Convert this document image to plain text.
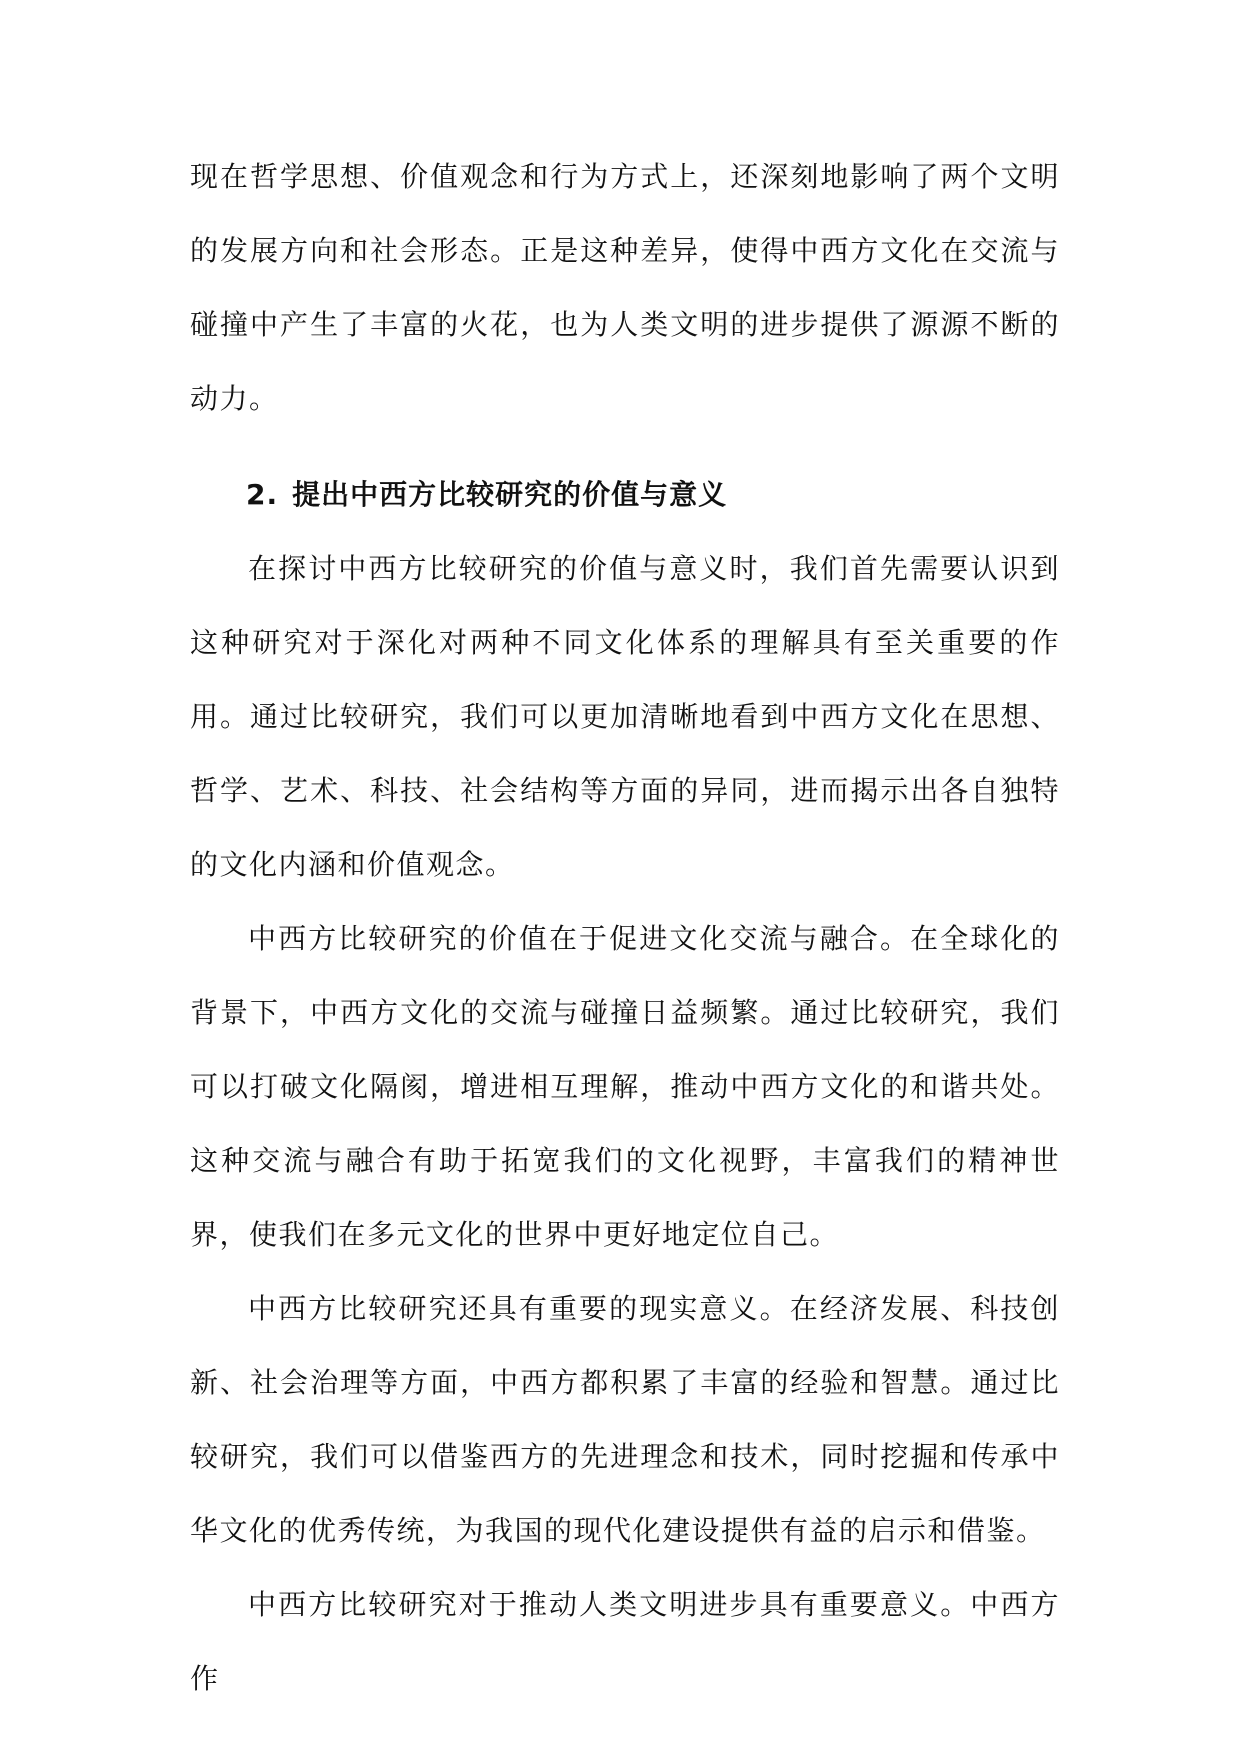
现在哲学思想、价值观念和行为方式上，还深刻地影响了两个文明的发展方向和社会形态。正是这种差异，使得中西方文化在交流与碰撞中产生了丰富的火花，也为人类文明的进步提供了源源不断的动力。

2. 提出中西方比较研究的价值与意义

在探讨中西方比较研究的价值与意义时，我们首先需要认识到这种研究对于深化对两种不同文化体系的理解具有至关重要的作用。通过比较研究，我们可以更加清晰地看到中西方文化在思想、哲学、艺术、科技、社会结构等方面的异同，进而揭示出各自独特的文化内涵和价值观念。

中西方比较研究的价值在于促进文化交流与融合。在全球化的背景下，中西方文化的交流与碰撞日益频繁。通过比较研究，我们可以打破文化隔阂，增进相互理解，推动中西方文化的和谐共处。这种交流与融合有助于拓宽我们的文化视野，丰富我们的精神世界，使我们在多元文化的世界中更好地定位自己。

中西方比较研究还具有重要的现实意义。在经济发展、科技创新、社会治理等方面，中西方都积累了丰富的经验和智慧。通过比较研究，我们可以借鉴西方的先进理念和技术，同时挖掘和传承中华文化的优秀传统，为我国的现代化建设提供有益的启示和借鉴。

中西方比较研究对于推动人类文明进步具有重要意义。中西方作
